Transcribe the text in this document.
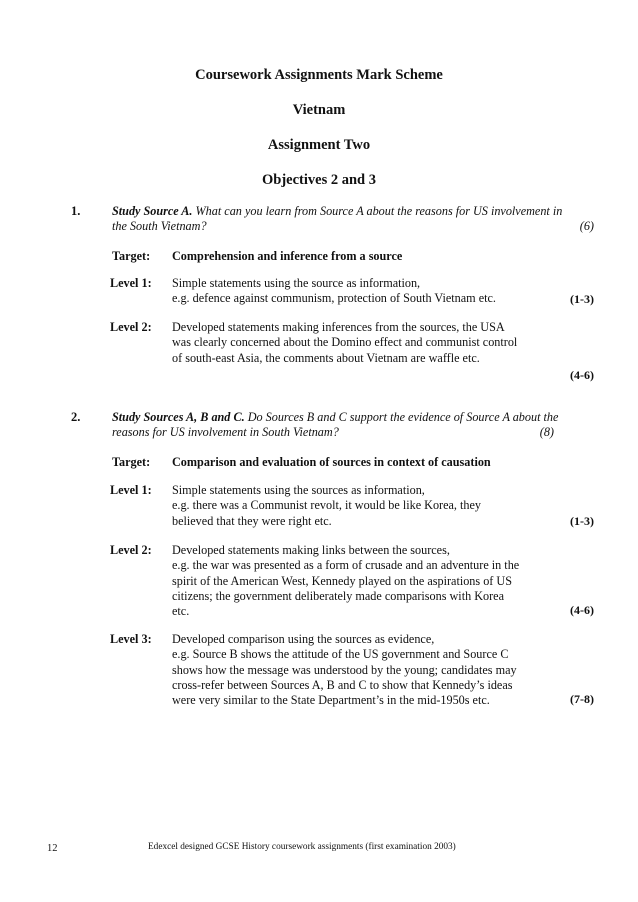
Coursework Assignments Mark Scheme
Vietnam
Assignment Two
Objectives 2 and 3
1.	Study Source A. What can you learn from Source A about the reasons for US involvement in
the South Vietnam?	(6)
Target: Comprehension and inference from a source
Level 1: Simple statements using the source as information,
e.g. defence against communism, protection of South Vietnam etc.	(1-3)
Level 2: Developed statements making inferences from the sources, the USA
was clearly concerned about the Domino effect and communist control
of south-east Asia, the comments about Vietnam are waffle etc.
(4-6)
2.	Study Sources A, B and C. Do Sources B and C support the evidence of Source A about the
reasons for US involvement in South Vietnam?	(8)
Target: Comparison and evaluation of sources in context of causation
Level 1: Simple statements using the sources as information,
e.g. there was a Communist revolt, it would be like Korea, they
believed that they were right etc.	(1-3)
Level 2: Developed statements making links between the sources,
e.g. the war was presented as a form of crusade and an adventure in the
spirit of the American West, Kennedy played on the aspirations of US
citizens; the government deliberately made comparisons with Korea
etc.	(4-6)
Level 3: Developed comparison using the sources as evidence,
e.g. Source B shows the attitude of the US government and Source C
shows how the message was understood by the young; candidates may
cross-refer between Sources A, B and C to show that Kennedy’s ideas
were very similar to the State Department’s in the mid-1950s etc.	(7-8)
12	Edexcel designed GCSE History coursework assignments (first examination 2003)
